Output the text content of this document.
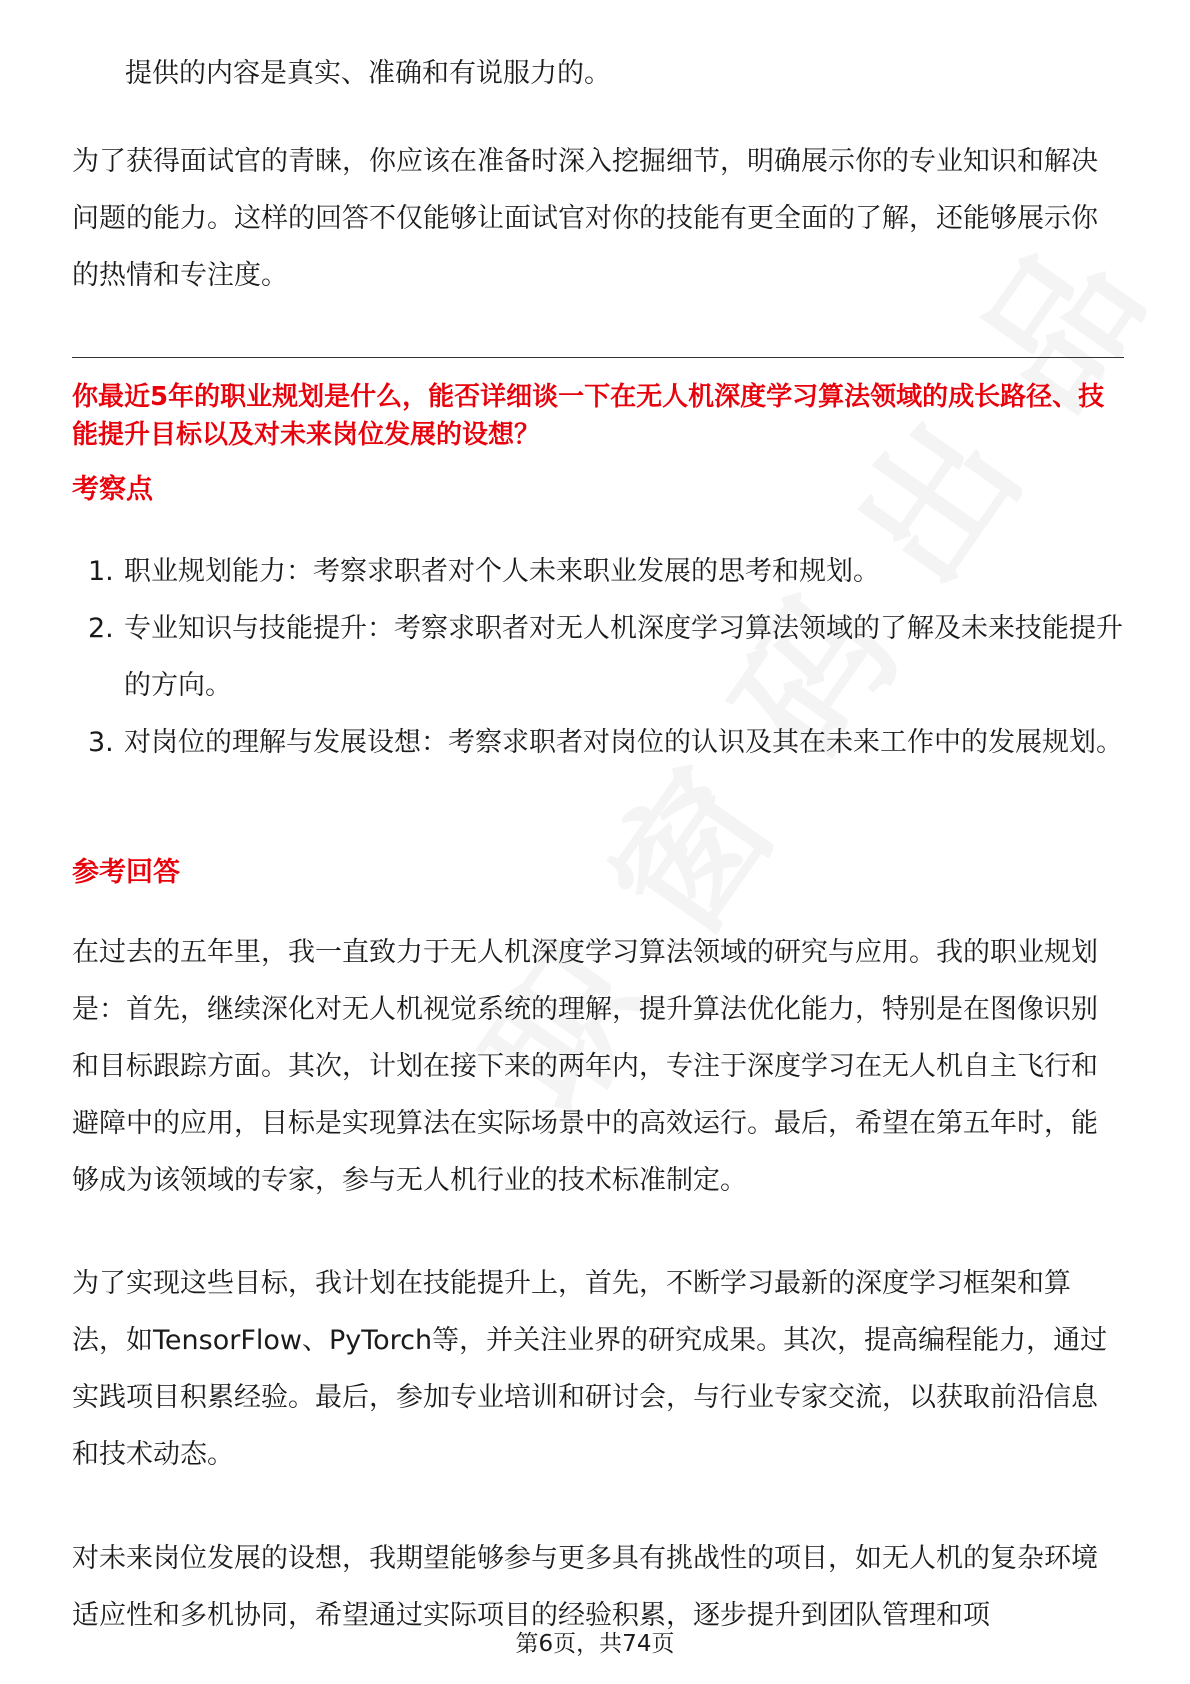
提供的内容是真实、准确和有说服力的。

为了获得面试官的青睐，你应该在准备时深入挖掘细节，明确展示你的专业知识和解决问题的能力。这样的回答不仅能够让面试官对你的技能有更全面的了解，还能够展示你的热情和专注度。

你最近5年的职业规划是什么，能否详细谈一下在无人机深度学习算法领域的成长路径、技能提升目标以及对未来岗位发展的设想？
考察点
1. 职业规划能力：考察求职者对个人未来职业发展的思考和规划。
2. 专业知识与技能提升：考察求职者对无人机深度学习算法领域的了解及未来技能提升的方向。
3. 对岗位的理解与发展设想：考察求职者对岗位的认识及其在未来工作中的发展规划。
参考回答

在过去的五年里，我一直致力于无人机深度学习算法领域的研究与应用。我的职业规划是：首先，继续深化对无人机视觉系统的理解，提升算法优化能力，特别是在图像识别和目标跟踪方面。其次，计划在接下来的两年内，专注于深度学习在无人机自主飞行和避障中的应用，目标是实现算法在实际场景中的高效运行。最后，希望在第五年时，能够成为该领域的专家，参与无人机行业的技术标准制定。

为了实现这些目标，我计划在技能提升上，首先，不断学习最新的深度学习框架和算法，如TensorFlow、PyTorch等，并关注业界的研究成果。其次，提高编程能力，通过实践项目积累经验。最后，参加专业培训和研讨会，与行业专家交流，以获取前沿信息和技术动态。

对未来岗位发展的设想，我期望能够参与更多具有挑战性的项目，如无人机的复杂环境适应性和多机协同，希望通过实际项目的经验积累，逐步提升到团队管理和项

第6页，共74页
